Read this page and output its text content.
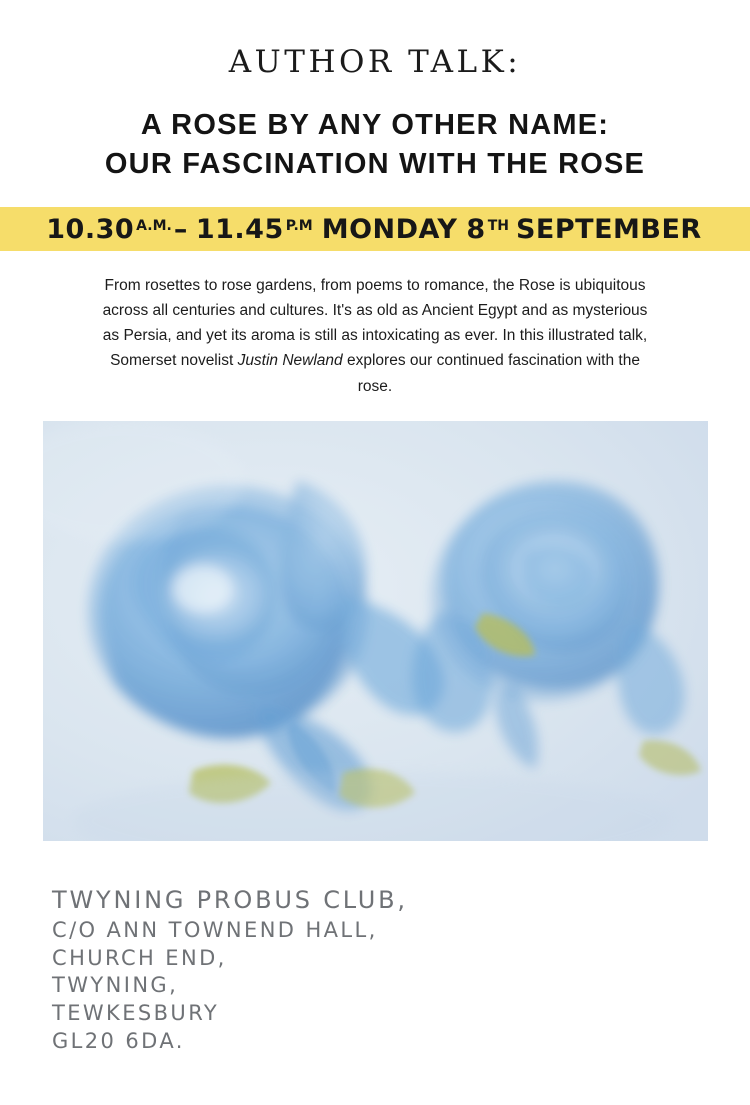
AUTHOR TALK:
A ROSE BY ANY OTHER NAME:
OUR FASCINATION WITH THE ROSE
10.30 A.M. – 11.45 P.M MONDAY 8 TH SEPTEMBER
From rosettes to rose gardens, from poems to romance, the Rose is ubiquitous across all centuries and cultures. It's as old as Ancient Egypt and as mysterious as Persia, and yet its aroma is still as intoxicating as ever. In this illustrated talk, Somerset novelist Justin Newland explores our continued fascination with the rose.
TWYNING PROBUS CLUB,
C/O ANN TOWNEND HALL,
CHURCH END,
TWYNING,
TEWKESBURY
GL20 6DA.
